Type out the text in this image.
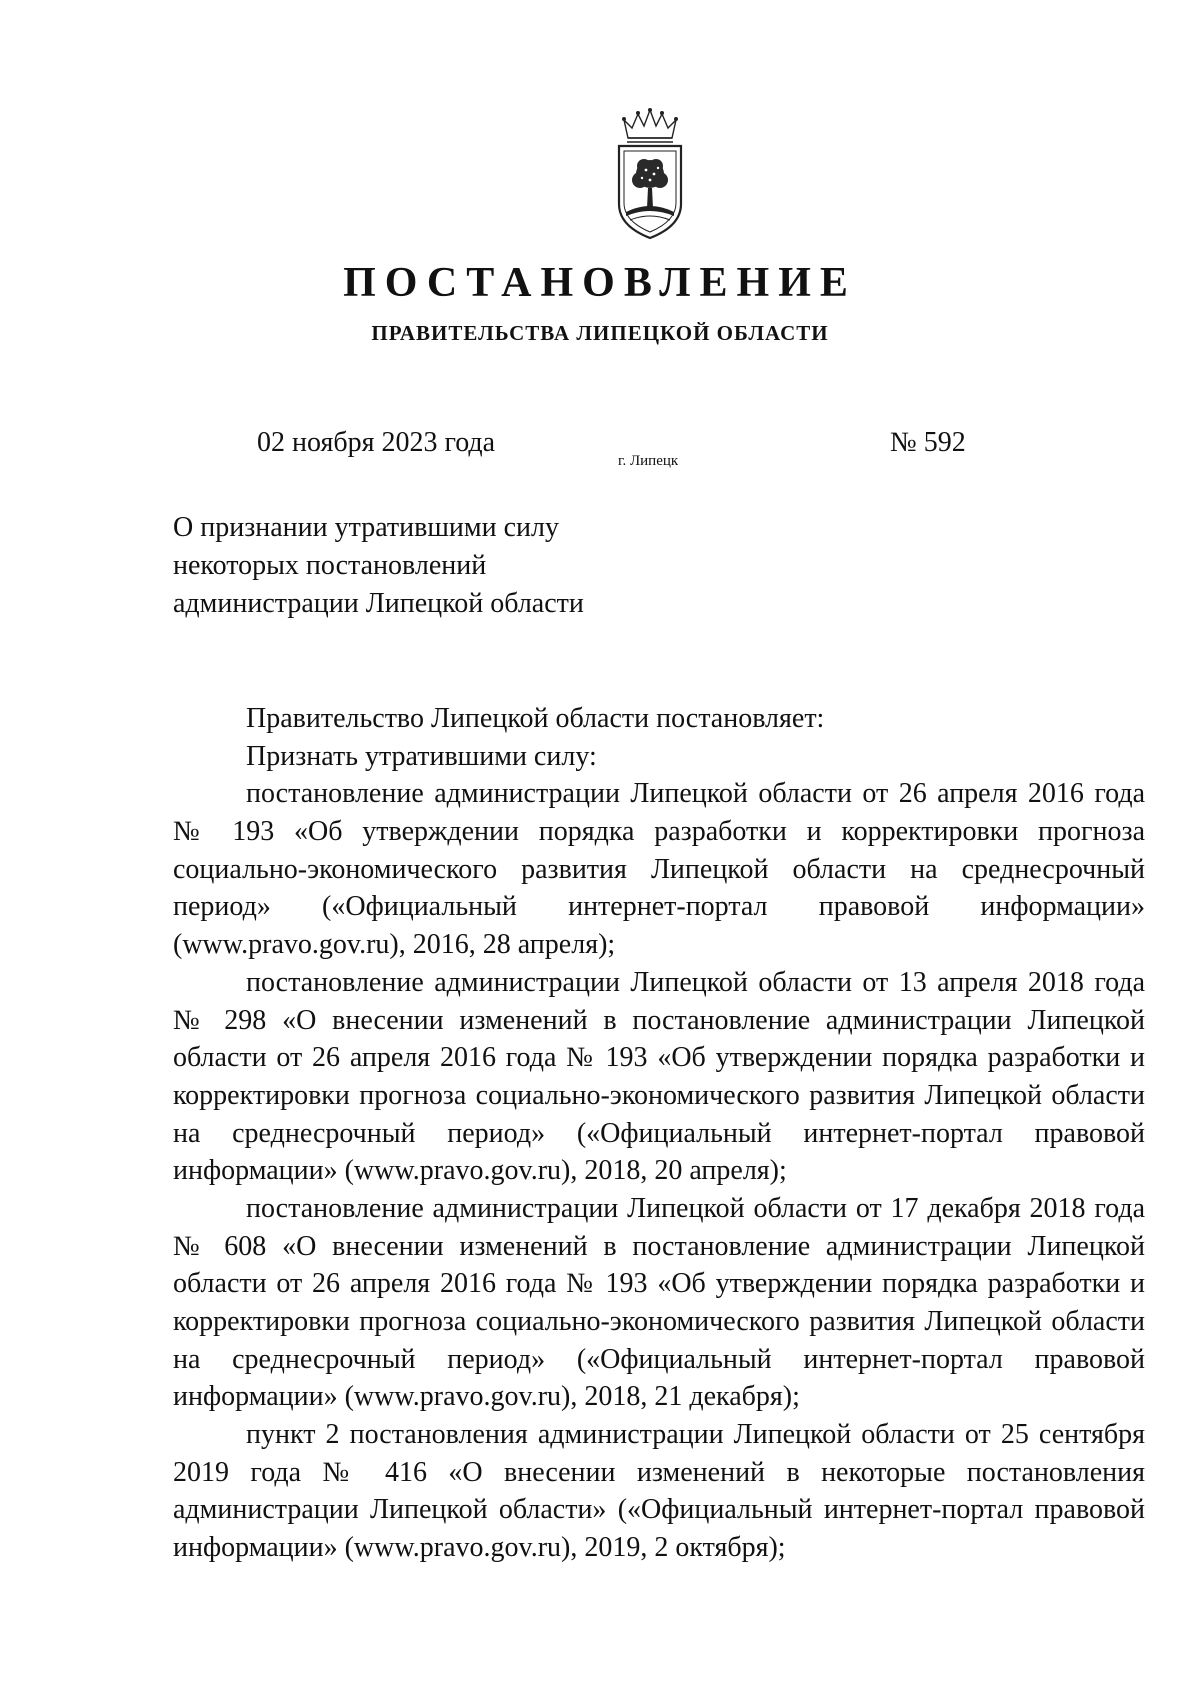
ПОСТАНОВЛЕНИЕ
ПРАВИТЕЛЬСТВА ЛИПЕЦКОЙ ОБЛАСТИ
02 ноября 2023 года
г. Липецк
№ 592
О признании утратившими силу
некоторых постановлений
администрации Липецкой области
Правительство Липецкой области постановляет:
Признать утратившими силу:
постановление администрации Липецкой области от 26 апреля 2016 года
№ 193 «Об утверждении порядка разработки и корректировки прогноза
социально-экономического развития Липецкой области на среднесрочный
период» («Официальный интернет-портал правовой информации»
(www.pravo.gov.ru), 2016, 28 апреля);
постановление администрации Липецкой области от 13 апреля 2018 года
№ 298 «О внесении изменений в постановление администрации Липецкой
области от 26 апреля 2016 года № 193 «Об утверждении порядка разработки и
корректировки прогноза социально-экономического развития Липецкой области
на среднесрочный период» («Официальный интернет-портал правовой
информации» (www.pravo.gov.ru), 2018, 20 апреля);
постановление администрации Липецкой области от 17 декабря 2018 года
№ 608 «О внесении изменений в постановление администрации Липецкой
области от 26 апреля 2016 года № 193 «Об утверждении порядка разработки и
корректировки прогноза социально-экономического развития Липецкой области
на среднесрочный период» («Официальный интернет-портал правовой
информации» (www.pravo.gov.ru), 2018, 21 декабря);
пункт 2 постановления администрации Липецкой области от 25 сентября
2019 года № 416 «О внесении изменений в некоторые постановления
администрации Липецкой области» («Официальный интернет-портал правовой
информации» (www.pravo.gov.ru), 2019, 2 октября);
